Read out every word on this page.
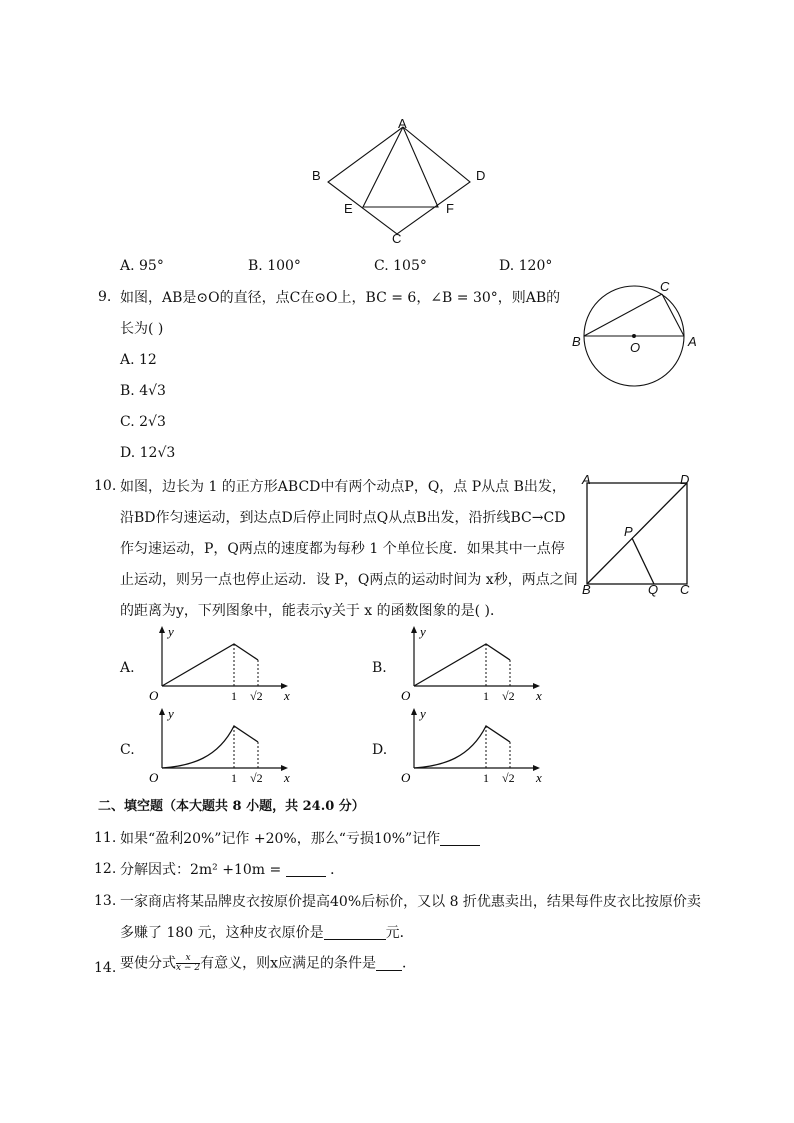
A
B
C
D
E	F
A. 95°	B. 100°	C. 105°	D. 120°
9. 如图，AB是⊙O的直径，点C在⊙O上，BC = 6，∠B = 30°，则AB的
长为( )
A. 12
B. 4√3
C. 2√3
D. 12√3
B	O	A
C
10. 如图，边长为 1 的正方形ABCD中有两个动点P，Q，点 P从点 B出发，
沿BD作匀速运动，到达点D后停止同时点Q从点B出发，沿折线BC→CD
作匀速运动，P，Q两点的速度都为每秒 1 个单位长度．如果其中一点停
止运动，则另一点也停止运动．设 P，Q两点的运动时间为 x秒，两点之间
的距离为y，下列图象中，能表示y关于 x 的函数图象的是( )．
A	D
P
B	Q C
A.
O	x
y
1 √2
B.
O	x
y
1 √2
C.
O	x
y
1 √2
D.
O	x
y
1 √2
二、填空题（本大题共 8 小题，共 24.0 分）
11. 如果“盈利20%”记作 +20%，那么“亏损10%”记作
12. 分解因式：2m² +10m =	．
13. 一家商店将某品牌皮衣按原价提高40%后标价，又以 8 折优惠卖出，结果每件皮衣比按原价卖
多赚了 180 元，这种皮衣原价是	元．
14. 要使分式 $\frac{x}{x - 2}$ 有意义，则x应满足的条件是 ．
